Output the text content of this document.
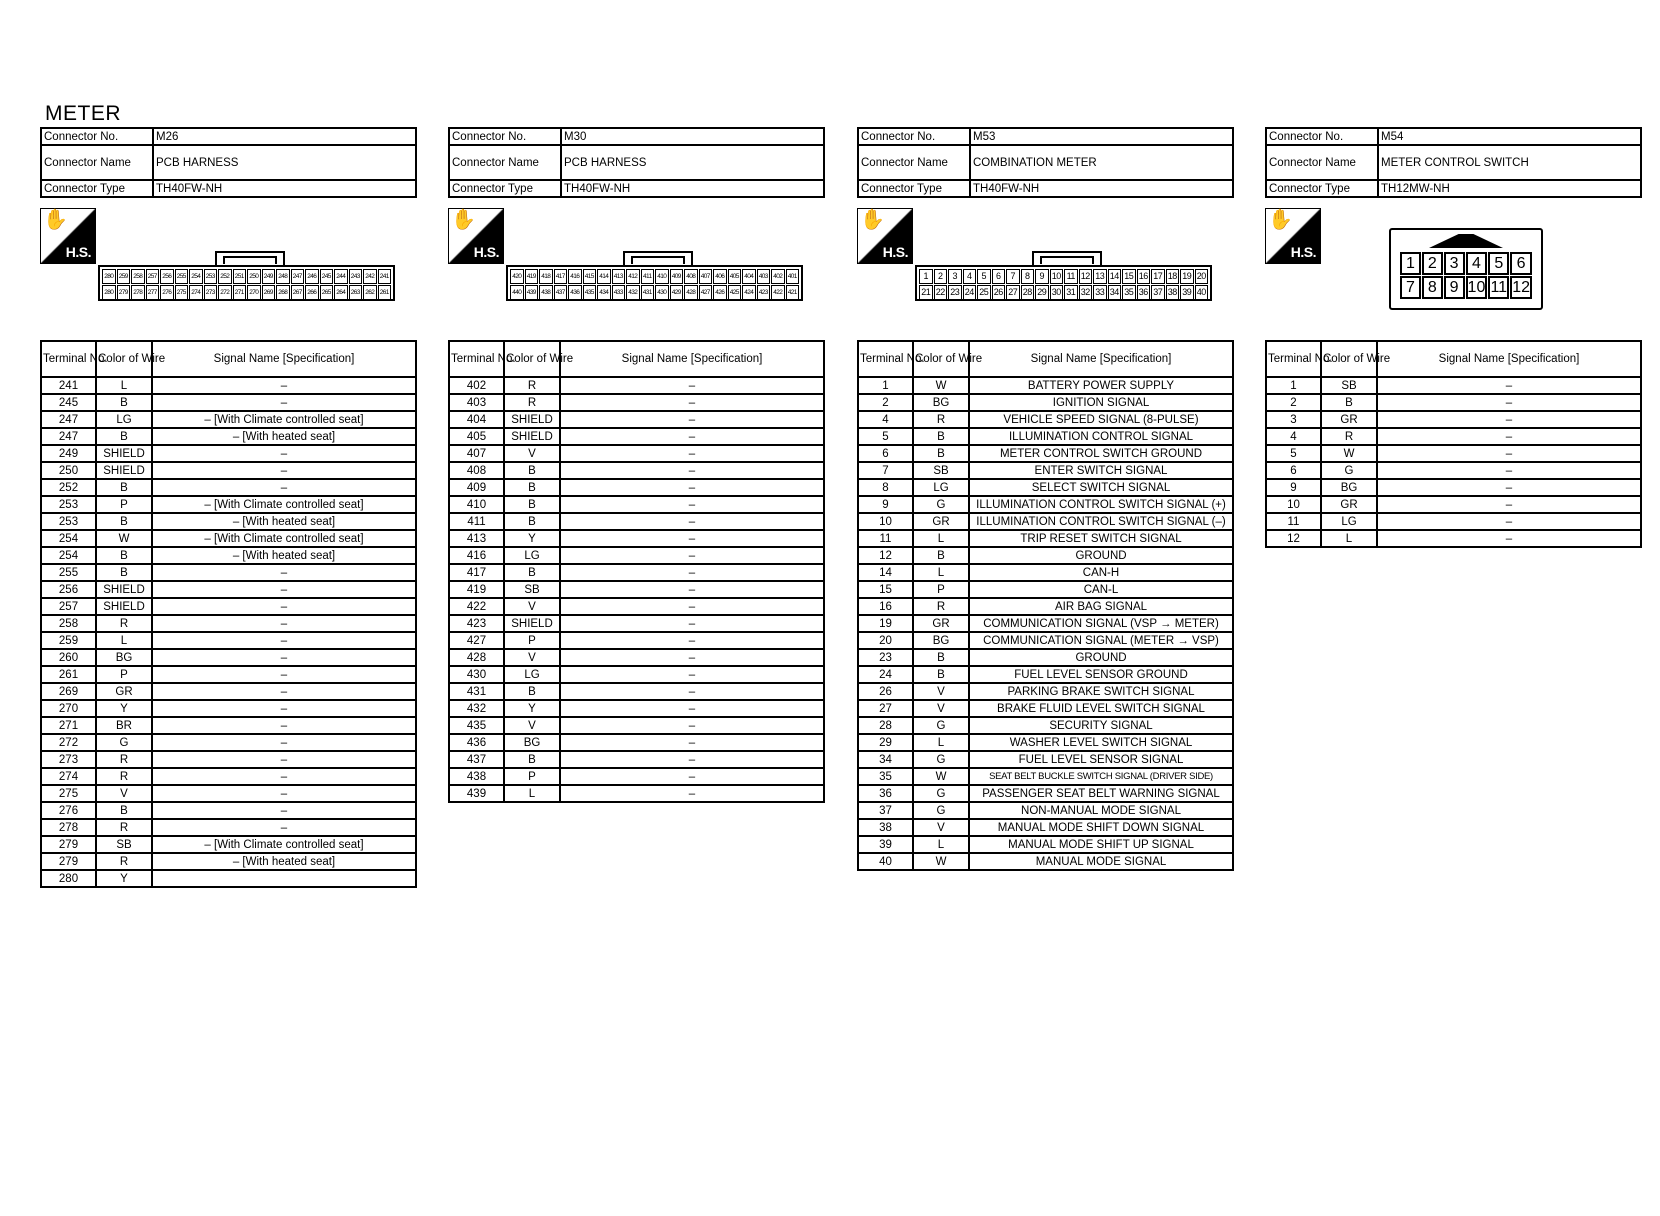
METER
Connector No.	M26
Connector Name	PCB HARNESS
Connector Type	TH40FW-NH
✋
H.S.
280 259 258 257 256 255 254 253 252 251 250 249 248 247 246 245 244 243 242 241
280 279 278 277 276 275 274 273 272 271 270 269 268 267 266 265 264 263 262 261
Terminal No.	Color of Wire	Signal Name [Specification]
241	L	–
245	B	–
247	LG	– [With Climate controlled seat]
247	B	– [With heated seat]
249	SHIELD	–
250	SHIELD	–
252	B	–
253	P	– [With Climate controlled seat]
253	B	– [With heated seat]
254	W	– [With Climate controlled seat]
254	B	– [With heated seat]
255	B	–
256	SHIELD	–
257	SHIELD	–
258	R	–
259	L	–
260	BG	–
261	P	–
269	GR	–
270	Y	–
271	BR	–
272	G	–
273	R	–
274	R	–
275	V	–
276	B	–
278	R	–
279	SB	– [With Climate controlled seat]
279	R	– [With heated seat]
280	Y	
Connector No.	M30
Connector Name	PCB HARNESS
Connector Type	TH40FW-NH
✋
H.S.
420 419 418 417 416 415 414 413 412 411 410 409 408 407 406 405 404 403 402 401
440 439 438 437 436 435 434 433 432 431 430 429 428 427 426 425 424 423 422 421
Terminal No.	Color of Wire	Signal Name [Specification]
402	R	–
403	R	–
404	SHIELD	–
405	SHIELD	–
407	V	–
408	B	–
409	B	–
410	B	–
411	B	–
413	Y	–
416	LG	–
417	B	–
419	SB	–
422	V	–
423	SHIELD	–
427	P	–
428	V	–
430	LG	–
431	B	–
432	Y	–
435	V	–
436	BG	–
437	B	–
438	P	–
439	L	–
Connector No.	M53
Connector Name	COMBINATION METER
Connector Type	TH40FW-NH
✋
H.S.
1	2	3	4	5	6	7	8	9 10 11 12 13 14 15 16 17 18 19 20
21 22 23 24 25 26 27 28 29 30 31 32 33 34 35 36 37 38 39 40
Terminal No.	Color of Wire	Signal Name [Specification]
1	W	BATTERY POWER SUPPLY
2	BG	IGNITION SIGNAL
4	R	VEHICLE SPEED SIGNAL (8-PULSE)
5	B	ILLUMINATION CONTROL SIGNAL
6	B	METER CONTROL SWITCH GROUND
7	SB	ENTER SWITCH SIGNAL
8	LG	SELECT SWITCH SIGNAL
9	G	ILLUMINATION CONTROL SWITCH SIGNAL (+)
10	GR	ILLUMINATION CONTROL SWITCH SIGNAL (–)
11	L	TRIP RESET SWITCH SIGNAL
12	B	GROUND
14	L	CAN-H
15	P	CAN-L
16	R	AIR BAG SIGNAL
19	GR	COMMUNICATION SIGNAL (VSP → METER)
20	BG	COMMUNICATION SIGNAL (METER → VSP)
23	B	GROUND
24	B	FUEL LEVEL SENSOR GROUND
26	V	PARKING BRAKE SWITCH SIGNAL
27	V	BRAKE FLUID LEVEL SWITCH SIGNAL
28	G	SECURITY SIGNAL
29	L	WASHER LEVEL SWITCH SIGNAL
34	G	FUEL LEVEL SENSOR SIGNAL
35	W	SEAT BELT BUCKLE SWITCH SIGNAL (DRIVER SIDE)
36	G	PASSENGER SEAT BELT WARNING SIGNAL
37	G	NON-MANUAL MODE SIGNAL
38	V	MANUAL MODE SHIFT DOWN SIGNAL
39	L	MANUAL MODE SHIFT UP SIGNAL
40	W	MANUAL MODE SIGNAL
Connector No.	M54
Connector Name	METER CONTROL SWITCH
Connector Type	TH12MW-NH
✋
H.S.
1 2 3 4 5 6
7 8 9 10 11 12
Terminal No.	Color of Wire	Signal Name [Specification]
1	SB	–
2	B	–
3	GR	–
4	R	–
5	W	–
6	G	–
9	BG	–
10	GR	–
11	LG	–
12	L	–
